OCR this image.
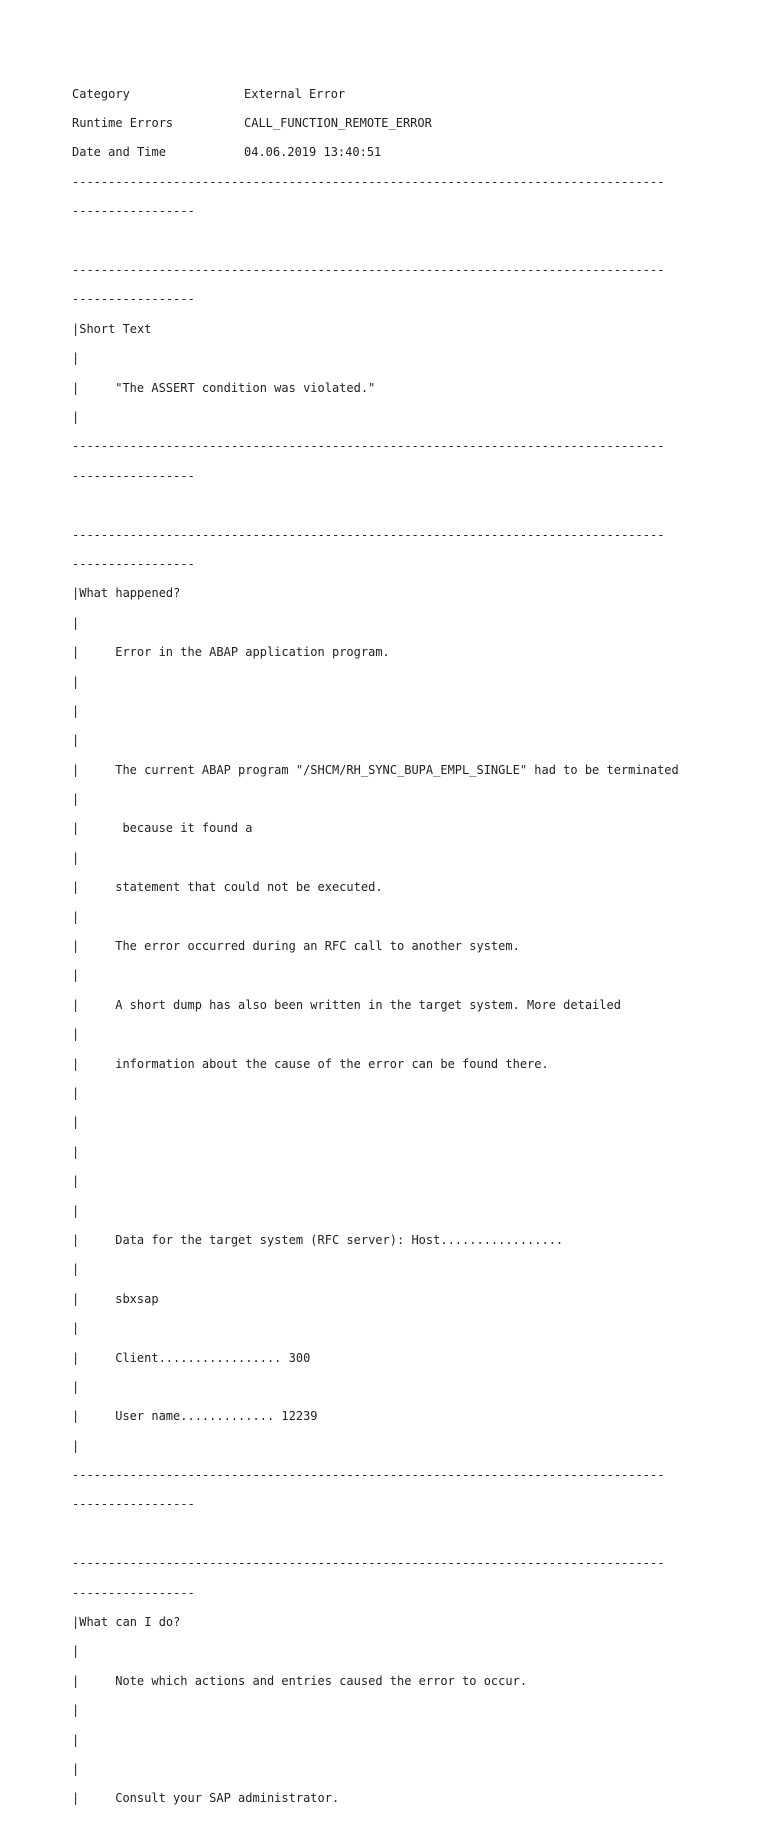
Category	External Error

Runtime Errors	CALL_FUNCTION_REMOTE_ERROR

Date and Time	04.06.2019 13:40:51

----------------------------------------------------------------------------------

-----------------

----------------------------------------------------------------------------------

-----------------

|Short Text

|

|	"The ASSERT condition was violated."

|

----------------------------------------------------------------------------------

-----------------

----------------------------------------------------------------------------------

-----------------

|What happened?

|

|	Error in the ABAP application program.

|

|

|

|	The current ABAP program "/SHCM/RH_SYNC_BUPA_EMPL_SINGLE" had to be terminated

|

|	because it found a

|

|	statement that could not be executed.

|

|	The error occurred during an RFC call to another system.

|

|	A short dump has also been written in the target system. More detailed

|

|	information about the cause of the error can be found there.

|

|

|

|

|

|	Data for the target system (RFC server): Host.................

|

|	sbxsap

|

|	Client................. 300

|

|	User name............. 12239

|

----------------------------------------------------------------------------------

-----------------

----------------------------------------------------------------------------------

-----------------

|What can I do?

|

|	Note which actions and entries caused the error to occur.

|

|

|

|	Consult your SAP administrator.
